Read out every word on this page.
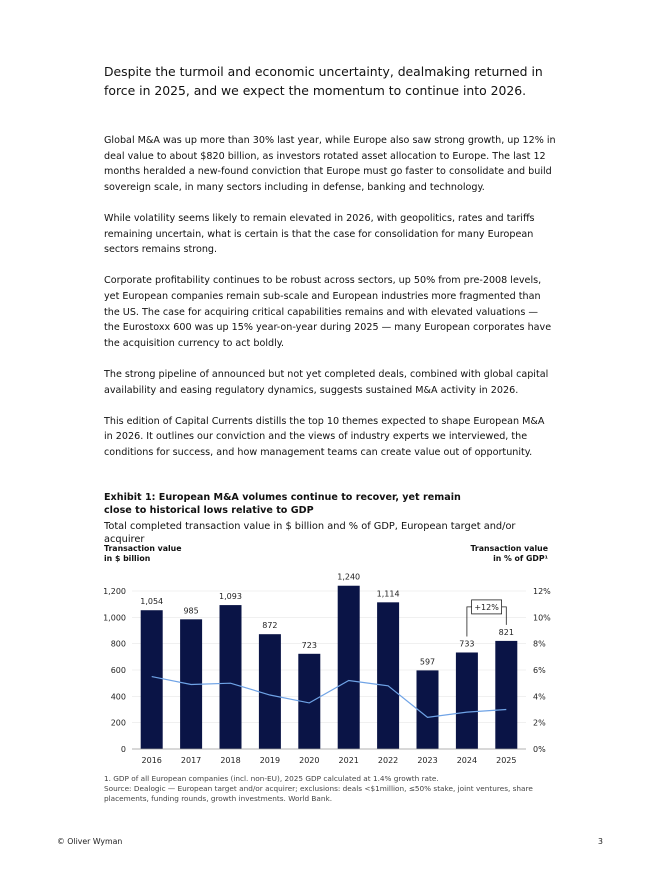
Despite the turmoil and economic uncertainty, dealmaking returned in force in 2025, and we expect the momentum to continue into 2026.

Global M&A was up more than 30% last year, while Europe also saw strong growth, up 12% in deal value to about $820 billion, as investors rotated asset allocation to Europe. The last 12 months heralded a new-found conviction that Europe must go faster to consolidate and build sovereign scale, in many sectors including in defense, banking and technology.

While volatility seems likely to remain elevated in 2026, with geopolitics, rates and tariffs remaining uncertain, what is certain is that the case for consolidation for many European sectors remains strong.

Corporate profitability continues to be robust across sectors, up 50% from pre-2008 levels, yet European companies remain sub-scale and European industries more fragmented than the US. The case for acquiring critical capabilities remains and with elevated valuations — the Eurostoxx 600 was up 15% year-on-year during 2025 — many European corporates have the acquisition currency to act boldly.

The strong pipeline of announced but not yet completed deals, combined with global capital availability and easing regulatory dynamics, suggests sustained M&A activity in 2026.

This edition of Capital Currents distills the top 10 themes expected to shape European M&A in 2026. It outlines our conviction and the views of industry experts we interviewed, the conditions for success, and how management teams can create value out of opportunity.

Exhibit 1: European M&A volumes continue to recover, yet remain close to historical lows relative to GDP

Total completed transaction value in $ billion and % of GDP, European target and/or acquirer
Transaction value
in $ billion
Transaction value
in % of GDP¹
0
200
400
600
800
1,000
1,200
0%
2%
4%
6%
8%
10%
12%
1,054
985
1,093
872
723
1,240
1,114
597
733
821
2016 2017 2018 2019 2020 2021 2022 2023 2024 2025
+12%
1. GDP of all European companies (incl. non-EU), 2025 GDP calculated at 1.4% growth rate.
Source: Dealogic — European target and/or acquirer; exclusions: deals <$1million, ≤50% stake, joint ventures, share placements, funding rounds, growth investments. World Bank.
© Oliver Wyman	3
